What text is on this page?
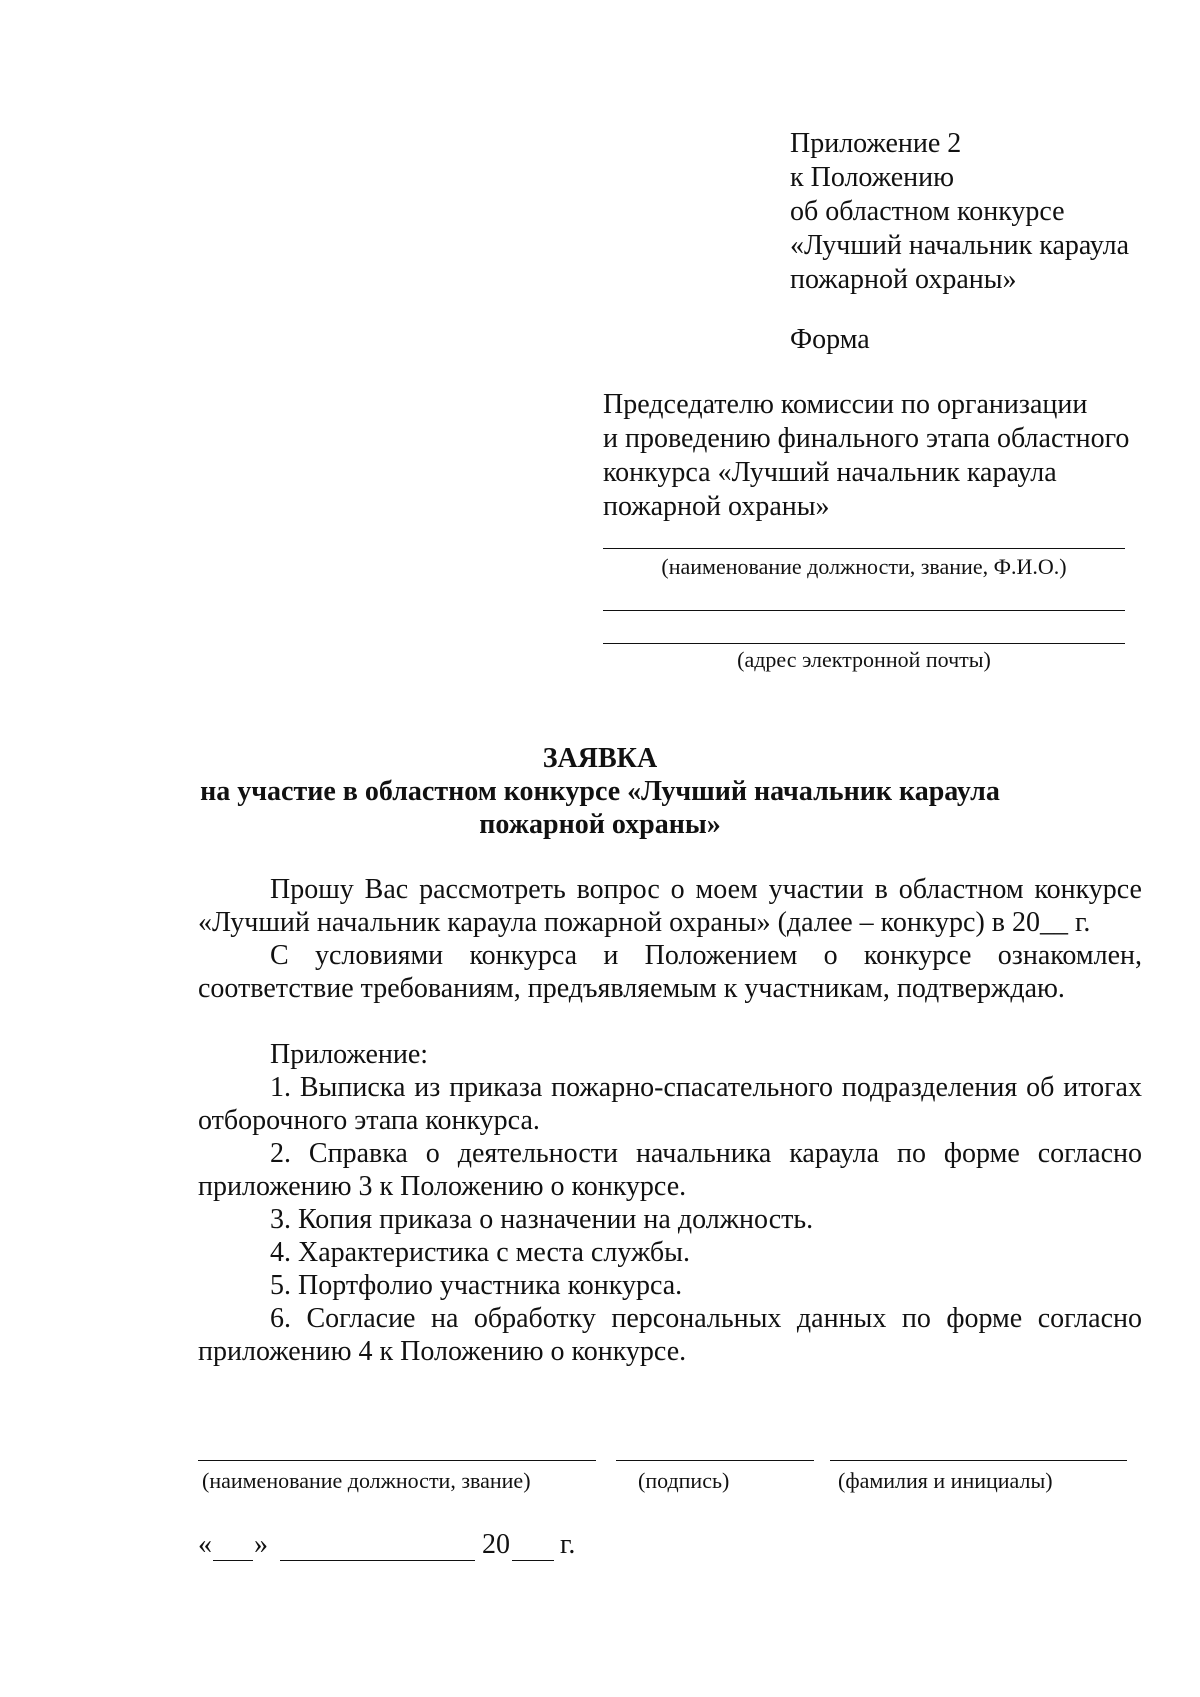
Приложение 2
к Положению
об областном конкурсе
«Лучший начальник караула
пожарной охраны»
Форма
Председателю комиссии по организации
и проведению финального этапа областного
конкурса «Лучший начальник караула
пожарной охраны»
(наименование должности, звание, Ф.И.О.)
(адрес электронной почты)
ЗАЯВКА
на участие в областном конкурсе «Лучший начальник караула
пожарной охраны»
Прошу Вас рассмотреть вопрос о моем участии в областном конкурсе
«Лучший начальник караула пожарной охраны» (далее – конкурс) в 20__ г.
С условиями конкурса и Положением о конкурсе ознакомлен,
соответствие требованиям, предъявляемым к участникам, подтверждаю.
Приложение:
1. Выписка из приказа пожарно-спасательного подразделения об итогах
отборочного этапа конкурса.
2. Справка о деятельности начальника караула по форме согласно
приложению 3 к Положению о конкурсе.
3. Копия приказа о назначении на должность.
4. Характеристика с места службы.
5. Портфолио участника конкурса.
6. Согласие на обработку персональных данных по форме согласно
приложению 4 к Положению о конкурсе.
(наименование должности, звание)	(подпись)	(фамилия и инициалы)
« »	20 г.
